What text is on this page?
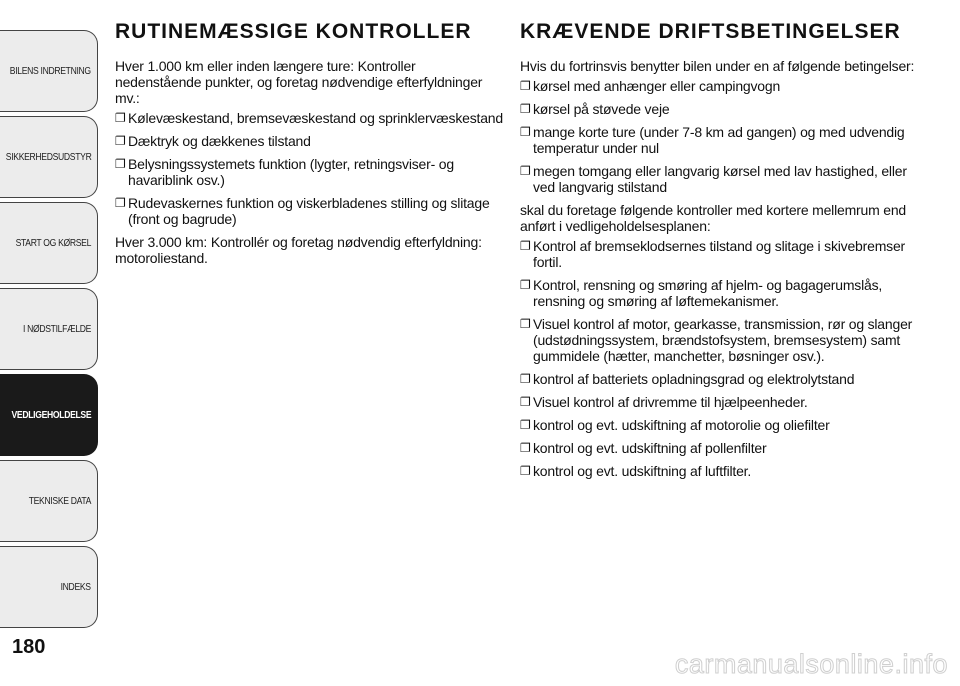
BILENS INDRETNING
SIKKERHEDSUDSTYR
START OG KØRSEL
I NØDSTILFÆLDE
VEDLIGEHOLDELSE
TEKNISKE DATA
INDEKS
180
RUTINEMÆSSIGE KONTROLLER

Hver 1.000 km eller inden længere ture: Kontroller nedenstående punkter, og foretag nødvendige efterfyldninger mv.:

❐ Kølevæskestand, bremsevæskestand og sprinklervæskestand
❐ Dæktryk og dækkenes tilstand
❐ Belysningssystemets funktion (lygter, retningsviser- og havariblink osv.)
❐ Rudevaskernes funktion og viskerbladenes stilling og slitage (front og bagrude)

Hver 3.000 km: Kontrollér og foretag nødvendig efterfyldning: motoroliestand.

KRÆVENDE DRIFTSBETINGELSER

Hvis du fortrinsvis benytter bilen under en af følgende betingelser:

❐ kørsel med anhænger eller campingvogn
❐ kørsel på støvede veje
❐ mange korte ture (under 7-8 km ad gangen) og med udvendig temperatur under nul
❐ megen tomgang eller langvarig kørsel med lav hastighed, eller ved langvarig stilstand

skal du foretage følgende kontroller med kortere mellemrum end anført i vedligeholdelsesplanen:

❐ Kontrol af bremseklodsernes tilstand og slitage i skivebremser fortil.
❐ Kontrol, rensning og smøring af hjelm- og bagagerumslås, rensning og smøring af løftemekanismer.
❐ Visuel kontrol af motor, gearkasse, transmission, rør og slanger (udstødningssystem, brændstofsystem, bremsesystem) samt gummidele (hætter, manchetter, bøsninger osv.).
❐ kontrol af batteriets opladningsgrad og elektrolytstand
❐ Visuel kontrol af drivremme til hjælpeenheder.
❐ kontrol og evt. udskiftning af motorolie og oliefilter
❐ kontrol og evt. udskiftning af pollenfilter
❐ kontrol og evt. udskiftning af luftfilter.
carmanualsonline.info
